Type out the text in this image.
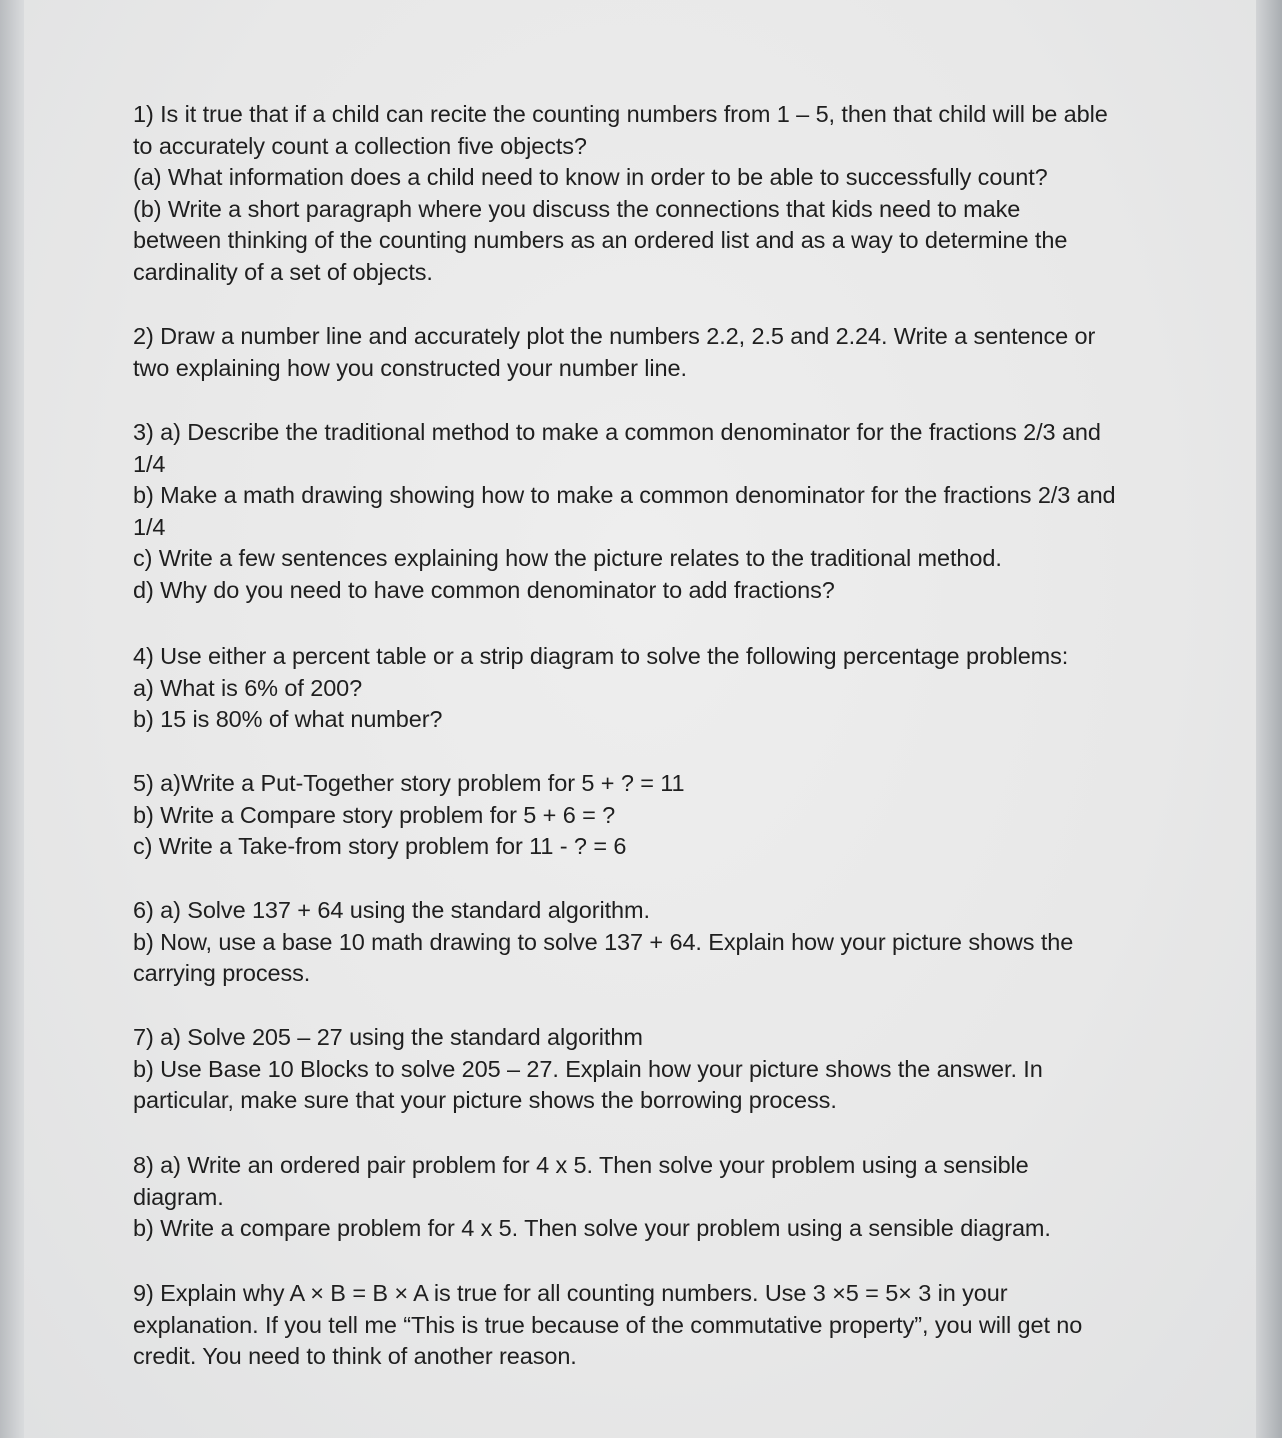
1) Is it true that if a child can recite the counting numbers from 1 – 5, then that child will be able to accurately count a collection five objects?

(a) What information does a child need to know in order to be able to successfully count?

(b) Write a short paragraph where you discuss the connections that kids need to make between thinking of the counting numbers as an ordered list and as a way to determine the cardinality of a set of objects.

2) Draw a number line and accurately plot the numbers 2.2, 2.5 and 2.24. Write a sentence or two explaining how you constructed your number line.

3) a) Describe the traditional method to make a common denominator for the fractions 2/3 and 1/4

b) Make a math drawing showing how to make a common denominator for the fractions 2/3 and 1/4

c) Write a few sentences explaining how the picture relates to the traditional method.

d) Why do you need to have common denominator to add fractions?

4) Use either a percent table or a strip diagram to solve the following percentage problems:

a) What is 6% of 200?

b) 15 is 80% of what number?

5) a)Write a Put-Together story problem for 5 + ? = 11

b) Write a Compare story problem for 5 + 6 = ?

c) Write a Take-from story problem for 11 - ? = 6

6) a) Solve 137 + 64 using the standard algorithm.

b) Now, use a base 10 math drawing to solve 137 + 64. Explain how your picture shows the carrying process.

7) a) Solve 205 – 27 using the standard algorithm

b) Use Base 10 Blocks to solve 205 – 27. Explain how your picture shows the answer. In particular, make sure that your picture shows the borrowing process.

8) a) Write an ordered pair problem for 4 x 5. Then solve your problem using a sensible diagram.

b) Write a compare problem for 4 x 5. Then solve your problem using a sensible diagram.

9) Explain why A × B = B × A is true for all counting numbers. Use 3 ×5 = 5× 3 in your explanation. If you tell me “This is true because of the commutative property”, you will get no credit. You need to think of another reason.
